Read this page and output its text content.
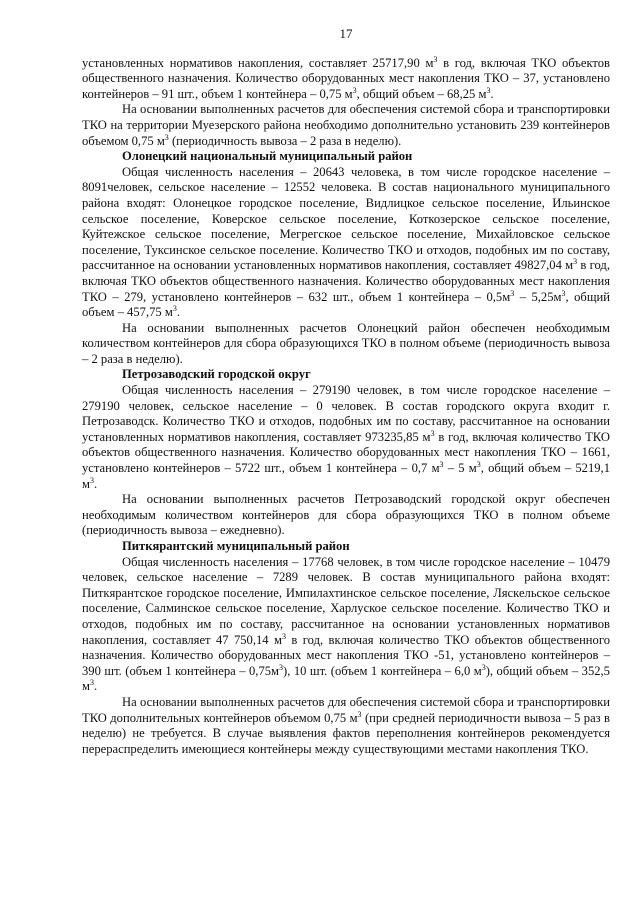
17

установленных нормативов накопления, составляет 25717,90 $м^3$ в год, включая ТКО объектов общественного назначения. Количество оборудованных мест накопления ТКО – 37, установлено контейнеров – 91 шт., объем 1 контейнера – 0,75 $м^3$, общий объем – 68,25 $м^3$.

На основании выполненных расчетов для обеспечения системой сбора и транспортировки ТКО на территории Муезерского района необходимо дополнительно установить 239 контейнеров объемом 0,75 $м^3$ (периодичность вывоза – 2 раза в неделю).

Олонецкий национальный муниципальный район

Общая численность населения – 20643 человека, в том числе городское население – 8091человек, сельское население – 12552 человека. В состав национального муниципального района входят: Олонецкое городское поселение, Видлицкое сельское поселение, Ильинское сельское поселение, Коверское сельское поселение, Коткозерское сельское поселение, Куйтежское сельское поселение, Мегрегское сельское поселение, Михайловское сельское поселение, Туксинское сельское поселение. Количество ТКО и отходов, подобных им по составу, рассчитанное на основании установленных нормативов накопления, составляет 49827,04 $м^3$ в год, включая ТКО объектов общественного назначения. Количество оборудованных мест накопления ТКО – 279, установлено контейнеров – 632 шт., объем 1 контейнера – $0,5м^3 - 5,25м^3$, общий объем – 457,75 $м^3$.

На основании выполненных расчетов Олонецкий район обеспечен необходимым количеством контейнеров для сбора образующихся ТКО в полном объеме (периодичность вывоза – 2 раза в неделю).

Петрозаводский городской округ

Общая численность населения – 279190 человек, в том числе городское население – 279190 человек, сельское население – 0 человек. В состав городского округа входит г. Петрозаводск. Количество ТКО и отходов, подобных им по составу, рассчитанное на основании установленных нормативов накопления, составляет 973235,85 $м^3$ в год, включая количество ТКО объектов общественного назначения. Количество оборудованных мест накопления ТКО – 1661, установлено контейнеров – 5722 шт., объем 1 контейнера – 0,7 $м^3 - 5$ $м^3$, общий объем – 5219,1 $м^3$.

На основании выполненных расчетов Петрозаводский городской округ обеспечен необходимым количеством контейнеров для сбора образующихся ТКО в полном объеме (периодичность вывоза – ежедневно).

Питкярантский муниципальный район

Общая численность населения – 17768 человек, в том числе городское население – 10479 человек, сельское население – 7289 человек. В состав муниципального района входят: Питкярантское городское поселение, Импилахтинское сельское поселение, Ляскельское сельское поселение, Салминское сельское поселение, Харлуское сельское поселение. Количество ТКО и отходов, подобных им по составу, рассчитанное на основании установленных нормативов накопления, составляет 47 750,14 $м^3$ в год, включая количество ТКО объектов общественного назначения. Количество оборудованных мест накопления ТКО -51, установлено контейнеров – 390 шт. (объем 1 контейнера – $0,75м^3$), 10 шт. (объем 1 контейнера – 6,0 $м^3$), общий объем – 352,5 $м^3$.

На основании выполненных расчетов для обеспечения системой сбора и транспортировки ТКО дополнительных контейнеров объемом 0,75 $м^3$ (при средней периодичности вывоза – 5 раз в неделю) не требуется. В случае выявления фактов переполнения контейнеров рекомендуется перераспределить имеющиеся контейнеры между существующими местами накопления ТКО.
